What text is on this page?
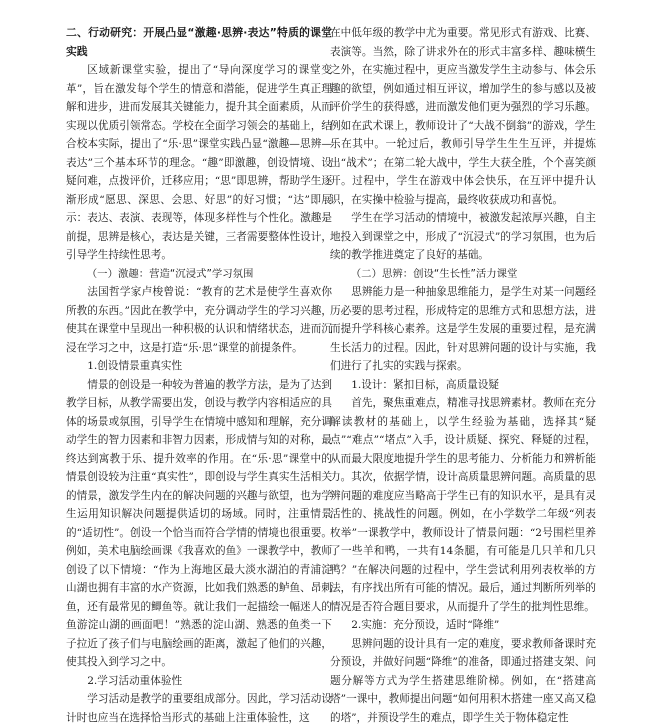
二、行动研究：开展凸显“激趣·思辨·表达”特质的课堂实践

区域新课堂实验，提出了“导向深度学习的课堂变革”，旨在激发每个学生的情意和潜能，促进学生真正理解和进步，进而发展其关键能力，提升其全面素质，从而实现以优质引领常态。学校在全面学习领会的基础上，结合校本实际，提出了“乐·思”课堂实践凸显“激趣—思辨—表达”三个基本环节的理念。“趣”即激趣，创设情境、设疑问难，点拨评价，迁移应用；“思”即思辨，帮助学生逐渐形成“愿思、深思、会思、好思”的好习惯；“达”即展示：表达、表演、表现等，体现多样性与个性化。激趣是前提，思辨是核心，表达是关键，三者需要整体性设计，引导学生持续性思考。

（一）激趣：营造“沉浸式”学习氛围

法国哲学家卢梭曾说：“教育的艺术是使学生喜欢你所教的东西。”因此在教学中，充分调动学生的学习兴趣，使其在课堂中呈现出一种积极的认识和情绪状态，进而沉浸在学习之中，这是打造“乐·思”课堂的前提条件。

1.创设情景重真实性

情景的创设是一种较为普遍的教学方法，是为了达到教学目标，从教学需要出发，创设与教学内容相适应的具体的场景或氛围，引导学生在情境中感知和理解，充分调动学生的智力因素和非智力因素，形成情与知的对称，最终达到寓教于乐、提升效率的作用。在“乐·思”课堂中的情景创设较为注重“真实性”，即创设与学生真实生活相关的情景，激发学生内在的解决问题的兴趣与欲望，也为学生运用知识解决问题提供适切的场域。同时，注重情景的“适切性”。创设一个恰当而符合学情的情境也很重要。例如，美术电脑绘画课《我喜欢的鱼》一课教学中，教师创设了以下情境：“作为上海地区最大淡水湖泊的青浦淀山湖也拥有丰富的水产资源，比如我们熟悉的鲈鱼、昂刺鱼，还有最常见的鲫鱼等。就让我们一起描绘一幅迷人的鱼游淀山湖的画面吧！”熟悉的淀山湖、熟悉的鱼类一下子拉近了孩子们与电脑绘画的距离，激起了他们的兴趣，使其投入到学习之中。

2.学习活动重体验性

学习活动是教学的重要组成部分。因此，学习活动设计时也应当在选择恰当形式的基础上注重体验性，这

在中低年级的教学中尤为重要。常见形式有游戏、比赛、表演等。当然，除了讲求外在的形式丰富多样、趣味横生之外，在实施过程中，更应当激发学生主动参与、体会乐趣的欲望，例如通过相互评议，增加学生的参与感以及被评价学生的获得感，进而激发他们更为强烈的学习乐趣。例如在武术课上，教师设计了“大战不倒翁”的游戏，学生乐在其中。一轮过后，教师引导学生生生互评，并提炼出“战术”；在第二轮大战中，学生大获全胜，个个喜笑颜开。过程中，学生在游戏中体会快乐，在互评中提升认识，在实操中检验与提高，最终收获成功和喜悦。

学生在学习活动的情境中，被激发起浓厚兴趣，自主地投入到课堂之中，形成了“沉浸式”的学习氛围，也为后续的教学推进奠定了良好的基础。

（二）思辨：创设“生长性”活力课堂

思辨能力是一种抽象思维能力，是学生对某一问题经历必要的思考过程，形成特定的思维方式和思想方法，进而提升学科核心素养。这是学生发展的重要过程，是充满生长活力的过程。因此，针对思辨问题的设计与实施，我们进行了扎实的实践与探索。

1.设计：紧扣目标，高质量设疑

首先，聚焦重难点，精准寻找思辨素材。教师在充分解读教材的基础上，以学生经验为基础，选择其“疑点”“难点”“堵点”入手，设计质疑、探究、释疑的过程，从而最大限度地提升学生的思考能力、分析能力和辨析能力。其次，依据学情，设计高质量思辨问题。高质量的思辨问题的难度应当略高于学生已有的知识水平，是具有灵活性的、挑战性的问题。例如，在小学数学二年级“列表枚举”一课教学中，教师设计了情景问题：“2号围栏里养了一些羊和鸭，一共有14条腿，有可能是几只羊和几只鸭？”在解决问题的过程中，学生尝试利用列表枚举的方法，有序找出所有可能的情况。最后，通过判断所列举的情况是否符合题目要求，从而提升了学生的批判性思维。

2.实施：充分预设，适时“降维”

思辨问题的设计具有一定的难度，要求教师备课时充分预设，并做好问题“降维”的准备，即通过搭建支架、问题分解等方式为学生搭建思维阶梯。例如，在“搭建高塔”一课中，教师提出问题“如何用积木搭建一座又高又稳的塔”，并预设学生的难点，即学生关于物体稳定性
